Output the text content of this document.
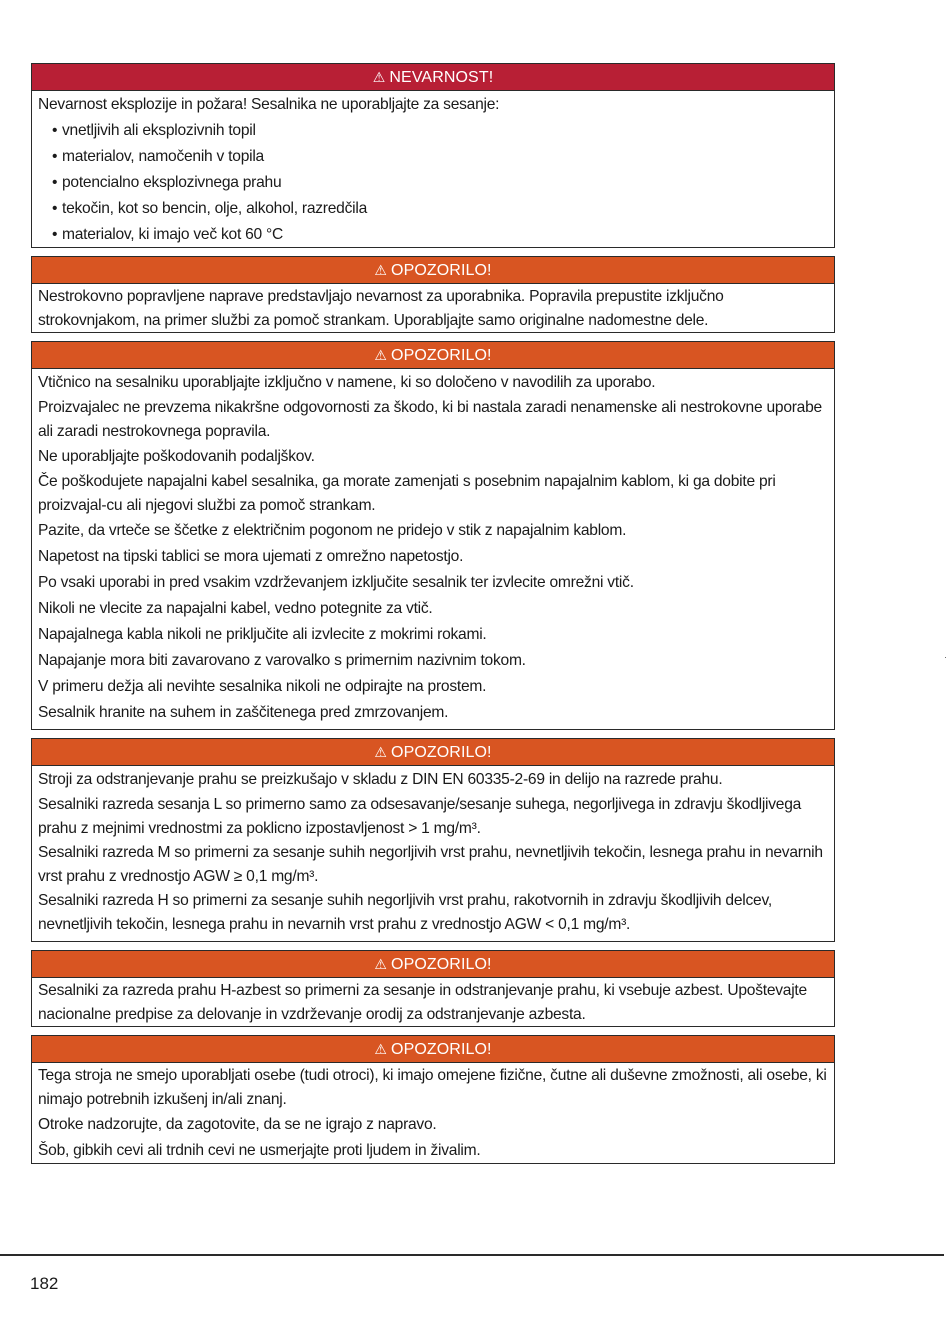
⚠ NEVARNOST!

Nevarnost eksplozije in požara! Sesalnika ne uporabljajte za sesanje:

• vnetljivih ali eksplozivnih topil
• materialov, namočenih v topila
• potencialno eksplozivnega prahu
• tekočin, kot so bencin, olje, alkohol, razredčila
• materialov, ki imajo več kot 60 °C
⚠ OPOZORILO!

Nestrokovno popravljene naprave predstavljajo nevarnost za uporabnika. Popravila prepustite izključno strokovnjakom, na primer službi za pomoč strankam. Uporabljajte samo originalne nadomestne dele.

⚠ OPOZORILO!

Vtičnico na sesalniku uporabljajte izključno v namene, ki so določeno v navodilih za uporabo.

Proizvajalec ne prevzema nikakršne odgovornosti za škodo, ki bi nastala zaradi nenamenske ali nestrokovne uporabe ali zaradi nestrokovnega popravila.

Ne uporabljajte poškodovanih podaljškov.

Če poškodujete napajalni kabel sesalnika, ga morate zamenjati s posebnim napajalnim kablom, ki ga dobite pri proizvajal-cu ali njegovi službi za pomoč strankam.

Pazite, da vrteče se ščetke z električnim pogonom ne pridejo v stik z napajalnim kablom.

Napetost na tipski tablici se mora ujemati z omrežno napetostjo.

Po vsaki uporabi in pred vsakim vzdrževanjem izključite sesalnik ter izvlecite omrežni vtič.

Nikoli ne vlecite za napajalni kabel, vedno potegnite za vtič.

Napajalnega kabla nikoli ne priključite ali izvlecite z mokrimi rokami.

Napajanje mora biti zavarovano z varovalko s primernim nazivnim tokom.

V primeru dežja ali nevihte sesalnika nikoli ne odpirajte na prostem.

Sesalnik hranite na suhem in zaščitenega pred zmrzovanjem.

⚠ OPOZORILO!

Stroji za odstranjevanje prahu se preizkušajo v skladu z DIN EN 60335-2-69 in delijo na razrede prahu.

Sesalniki razreda sesanja L so primerno samo za odsesavanje/sesanje suhega, negorljivega in zdravju škodljivega prahu z mejnimi vrednostmi za poklicno izpostavljenost > 1 mg/m³.

Sesalniki razreda M so primerni za sesanje suhih negorljivih vrst prahu, nevnetljivih tekočin, lesnega prahu in nevarnih vrst prahu z vrednostjo AGW ≥ 0,1 mg/m³.

Sesalniki razreda H so primerni za sesanje suhih negorljivih vrst prahu, rakotvornih in zdravju škodljivih delcev, nevnetljivih tekočin, lesnega prahu in nevarnih vrst prahu z vrednostjo AGW < 0,1 mg/m³.

⚠ OPOZORILO!

Sesalniki za razreda prahu H-azbest so primerni za sesanje in odstranjevanje prahu, ki vsebuje azbest. Upoštevajte nacionalne predpise za delovanje in vzdrževanje orodij za odstranjevanje azbesta.

⚠ OPOZORILO!

Tega stroja ne smejo uporabljati osebe (tudi otroci), ki imajo omejene fizične, čutne ali duševne zmožnosti, ali osebe, ki nimajo potrebnih izkušenj in/ali znanj.

Otroke nadzorujte, da zagotovite, da se ne igrajo z napravo.

Šob, gibkih cevi ali trdnih cevi ne usmerjajte proti ljudem in živalim.

·
182
